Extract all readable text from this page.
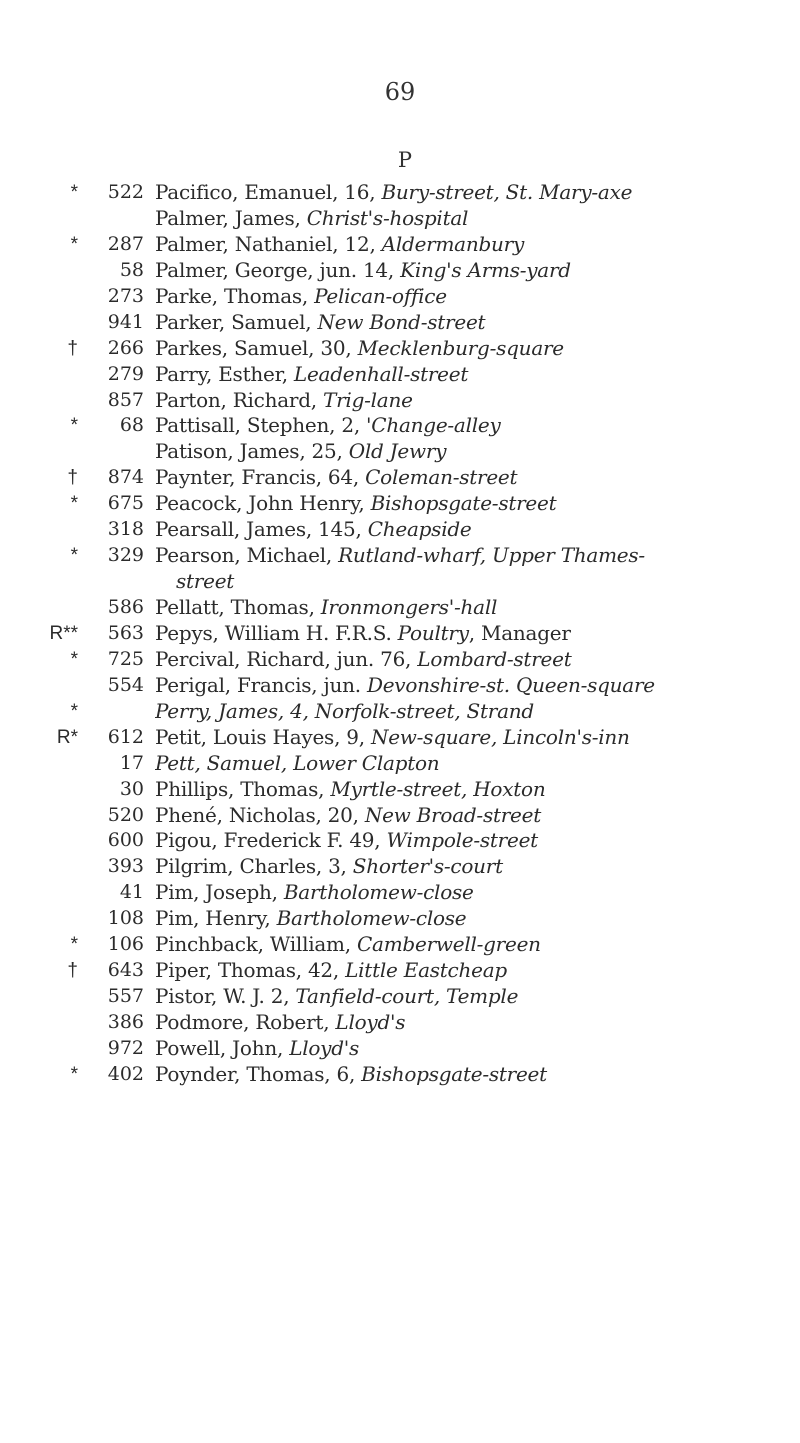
69
P
*	522 Pacifico, Emanuel, 16, Bury-street, St. Mary-axe
Palmer, James, Christ's-hospital
*	287 Palmer, Nathaniel, 12, Aldermanbury
58 Palmer, George, jun. 14, King's Arms-yard
273 Parke, Thomas, Pelican-office
941 Parker, Samuel, New Bond-street
†	266 Parkes, Samuel, 30, Mecklenburg-square
279 Parry, Esther, Leadenhall-street
857 Parton, Richard, Trig-lane
*	68 Pattisall, Stephen, 2, 'Change-alley
Patison, James, 25, Old Jewry
†	874 Paynter, Francis, 64, Coleman-street
*	675 Peacock, John Henry, Bishopsgate-street
318 Pearsall, James, 145, Cheapside
*	329 Pearson, Michael, Rutland-wharf, Upper Thames-
street
586 Pellatt, Thomas, Ironmongers'-hall
R**	563 Pepys, William H. F.R.S. Poultry, Manager
*	725 Percival, Richard, jun. 76, Lombard-street
554 Perigal, Francis, jun. Devonshire-st. Queen-square
*	Perry, James, 4, Norfolk-street, Strand
R*	612 Petit, Louis Hayes, 9, New-square, Lincoln's-inn
17 Pett, Samuel, Lower Clapton
30 Phillips, Thomas, Myrtle-street, Hoxton
520 Phené, Nicholas, 20, New Broad-street
600 Pigou, Frederick F. 49, Wimpole-street
393 Pilgrim, Charles, 3, Shorter's-court
41 Pim, Joseph, Bartholomew-close
108 Pim, Henry, Bartholomew-close
*	106 Pinchback, William, Camberwell-green
†	643 Piper, Thomas, 42, Little Eastcheap
557 Pistor, W. J. 2, Tanfield-court, Temple
386 Podmore, Robert, Lloyd's
972 Powell, John, Lloyd's
*	402 Poynder, Thomas, 6, Bishopsgate-street
